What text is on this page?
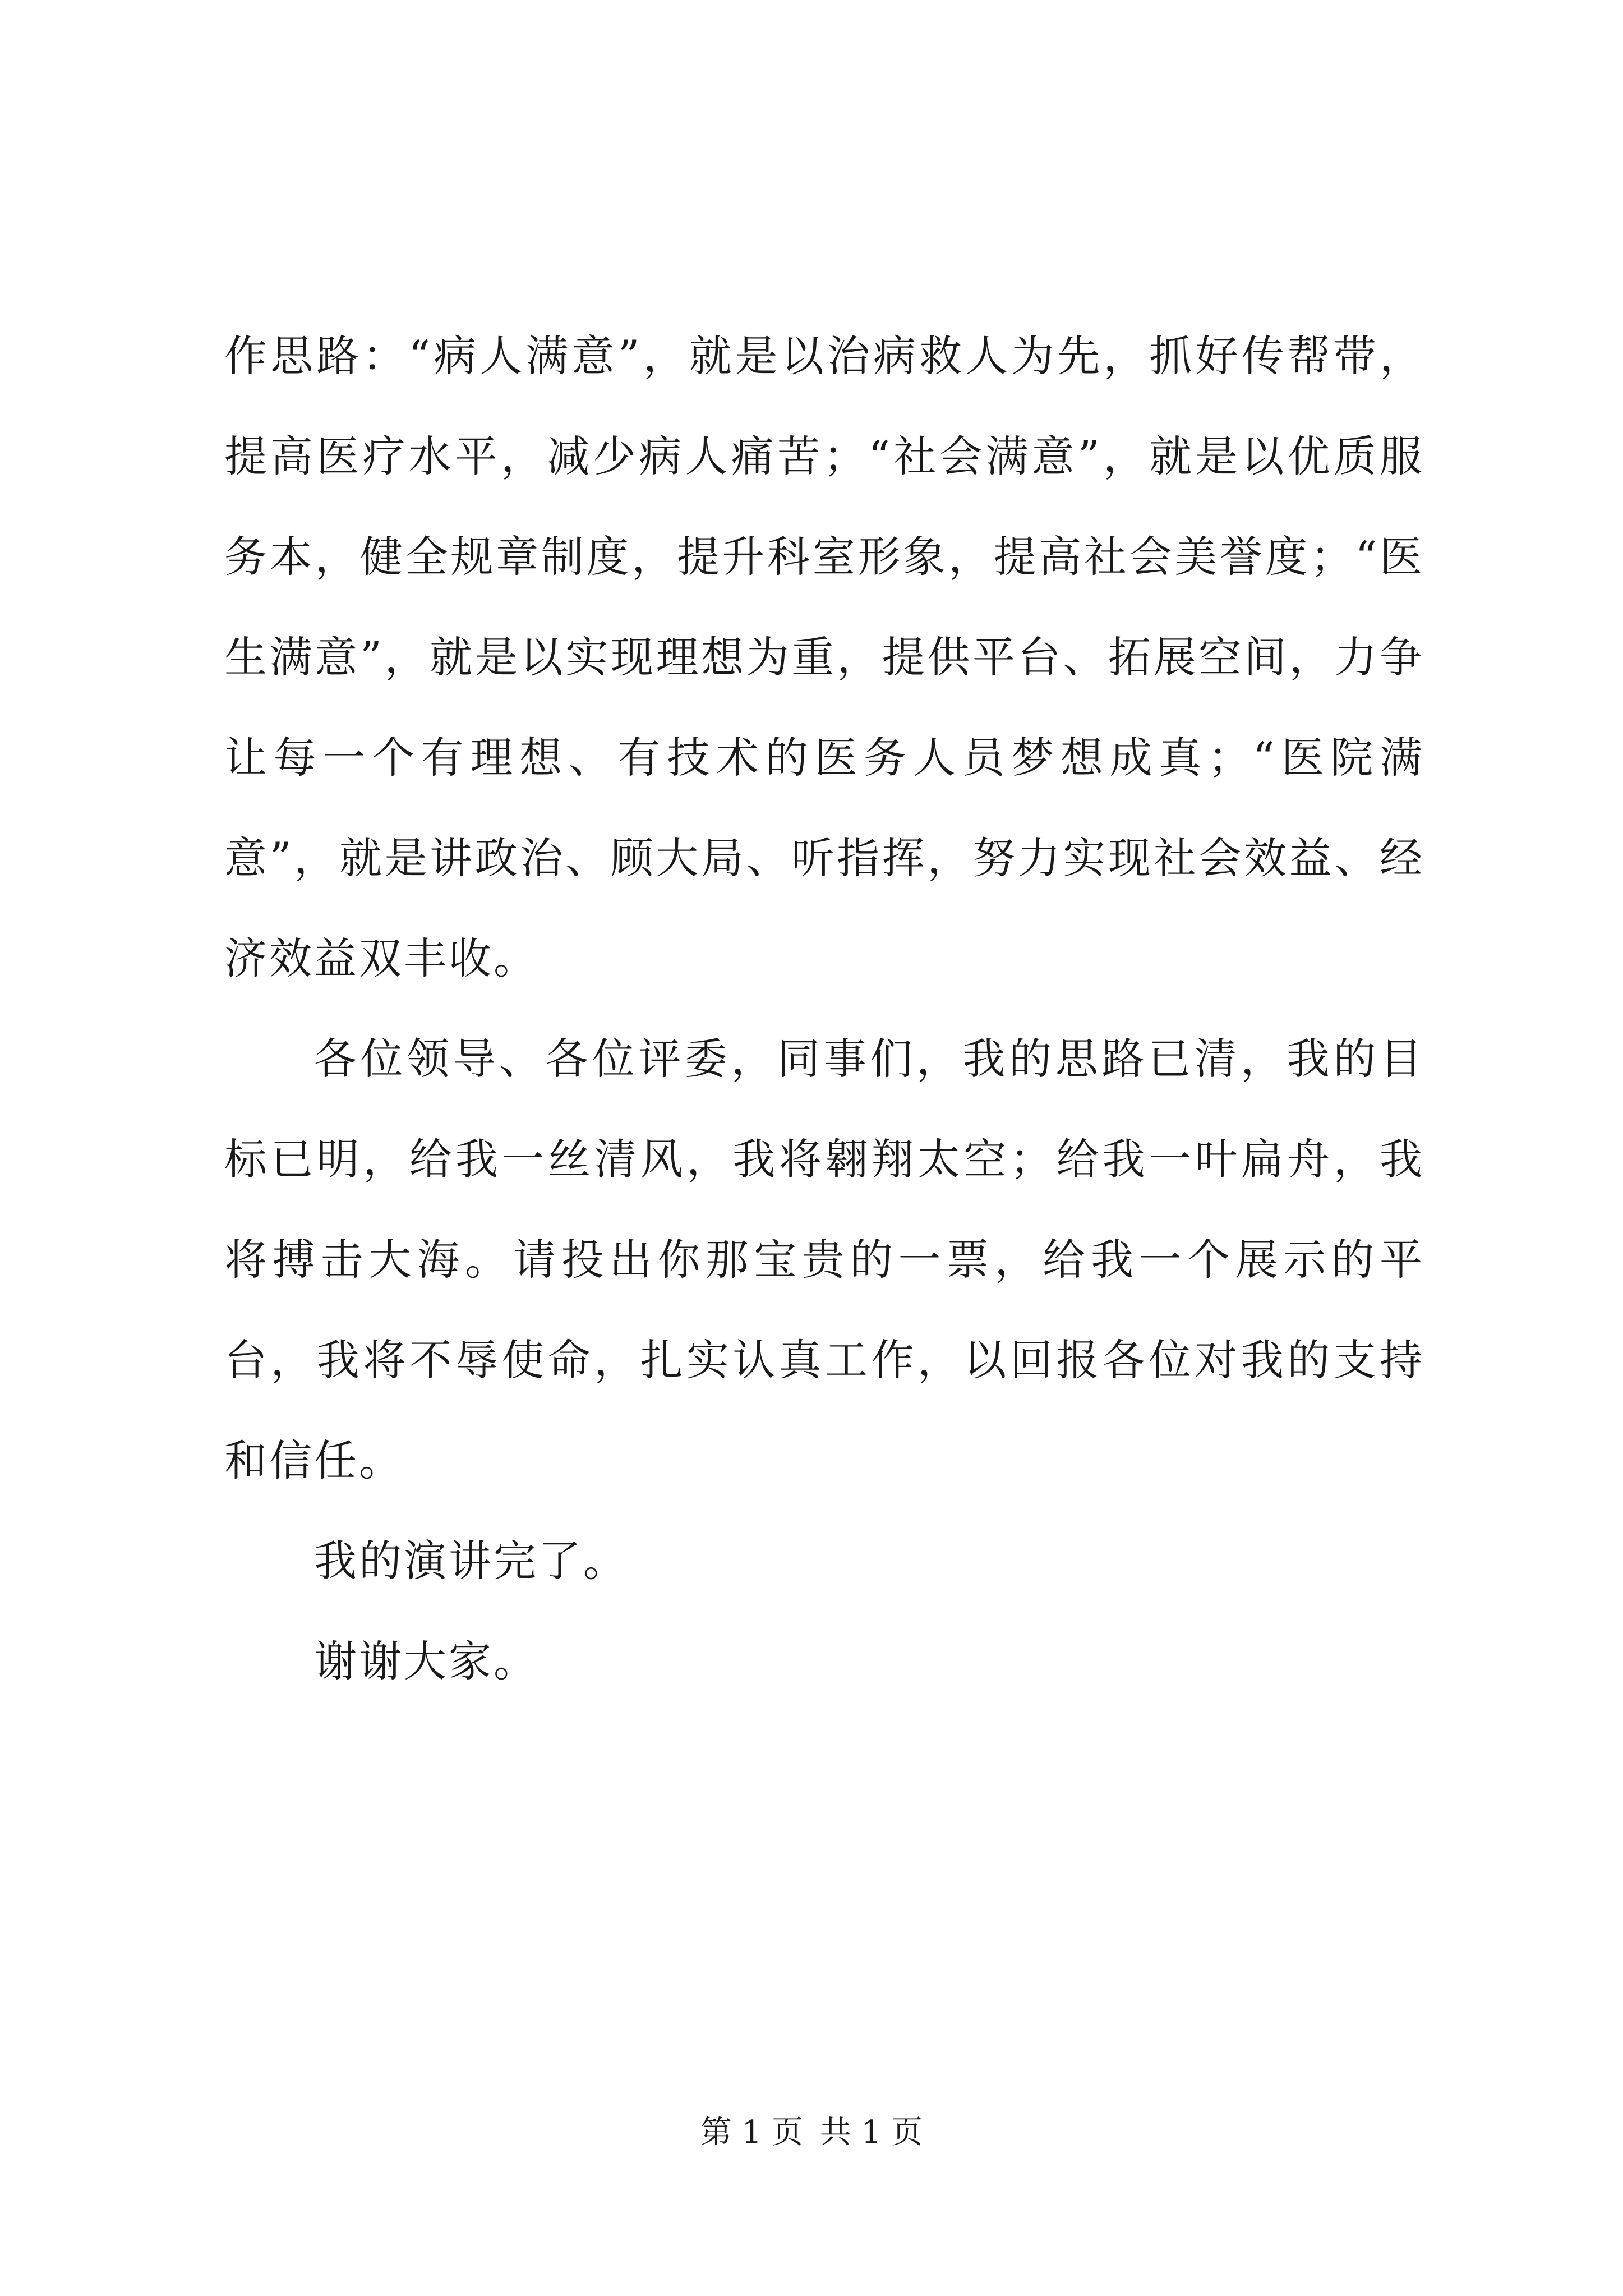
作思路：“病人满意”，就是以治病救人为先，抓好传帮带，提高医疗水平，减少病人痛苦；“社会满意”，就是以优质服务本，健全规章制度，提升科室形象，提高社会美誉度；“医生满意”，就是以实现理想为重，提供平台、拓展空间，力争让每一个有理想、有技术的医务人员梦想成真；“医院满意”，就是讲政治、顾大局、听指挥，努力实现社会效益、经济效益双丰收。

各位领导、各位评委，同事们，我的思路已清，我的目标已明，给我一丝清风，我将翱翔太空；给我一叶扁舟，我将搏击大海。请投出你那宝贵的一票，给我一个展示的平台，我将不辱使命，扎实认真工作，以回报各位对我的支持和信任。

我的演讲完了。

谢谢大家。

第 1 页 共 1 页
